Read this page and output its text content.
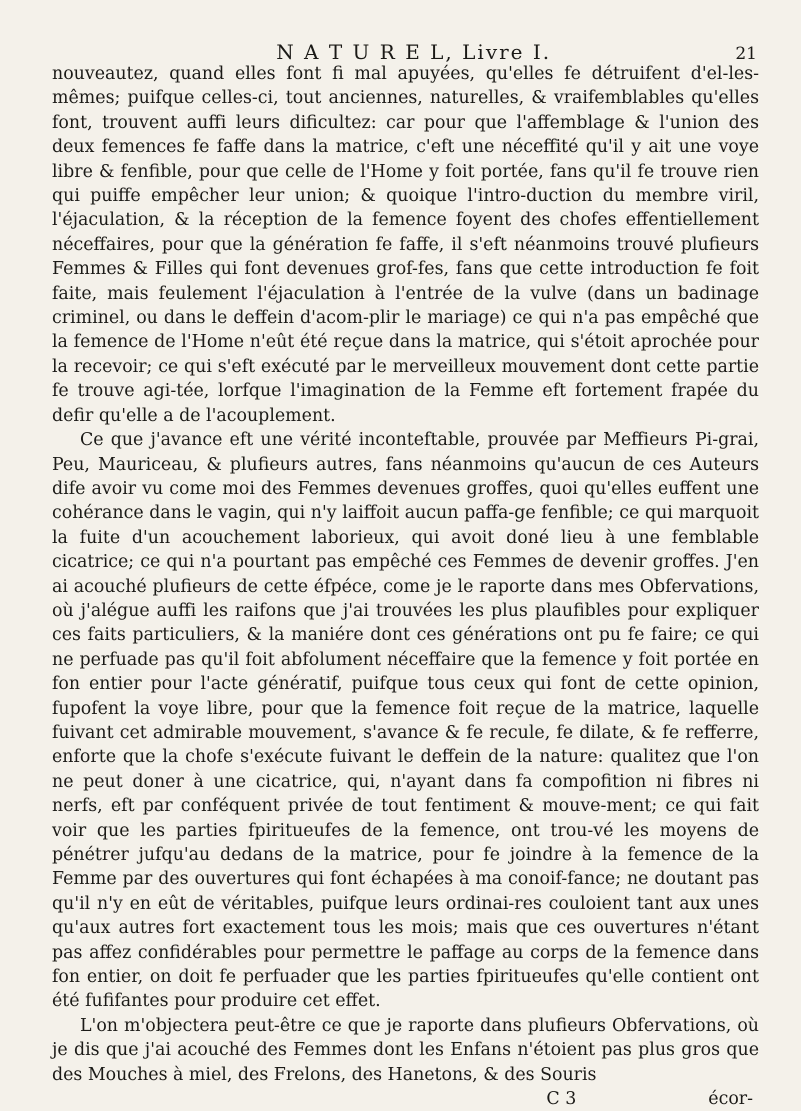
N A T U R E L, Livre I.	21

nouveautez, quand elles font fi mal apuyées, qu'elles fe détruifent d'el-les-mêmes; puifque celles-ci, tout anciennes, naturelles, & vraifemblables qu'elles font, trouvent auffi leurs dificultez: car pour que l'affemblage & l'union des deux femences fe faffe dans la matrice, c'eft une néceffité qu'il y ait une voye libre & fenfible, pour que celle de l'Home y foit portée, fans qu'il fe trouve rien qui puiffe empêcher leur union; & quoique l'intro-duction du membre viril, l'éjaculation, & la réception de la femence foyent des chofes effentiellement néceffaires, pour que la génération fe faffe, il s'eft néanmoins trouvé plufieurs Femmes & Filles qui font devenues grof-fes, fans que cette introduction fe foit faite, mais feulement l'éjaculation à l'entrée de la vulve (dans un badinage criminel, ou dans le deffein d'acom-plir le mariage) ce qui n'a pas empêché que la femence de l'Home n'eût été reçue dans la matrice, qui s'étoit aprochée pour la recevoir; ce qui s'eft exécuté par le merveilleux mouvement dont cette partie fe trouve agi-tée, lorfque l'imagination de la Femme eft fortement frapée du defir qu'elle a de l'acouplement.

Ce que j'avance eft une vérité inconteftable, prouvée par Meffieurs Pi-grai, Peu, Mauriceau, & plufieurs autres, fans néanmoins qu'aucun de ces Auteurs dife avoir vu come moi des Femmes devenues groffes, quoi qu'elles euffent une cohérance dans le vagin, qui n'y laiffoit aucun paffa-ge fenfible; ce qui marquoit la fuite d'un acouchement laborieux, qui avoit doné lieu à une femblable cicatrice; ce qui n'a pourtant pas empêché ces Femmes de devenir groffes. J'en ai acouché plufieurs de cette éfpéce, come je le raporte dans mes Obfervations, où j'alégue auffi les raifons que j'ai trouvées les plus plaufibles pour expliquer ces faits particuliers, & la maniére dont ces générations ont pu fe faire; ce qui ne perfuade pas qu'il foit abfolument néceffaire que la femence y foit portée en fon entier pour l'acte génératif, puifque tous ceux qui font de cette opinion, fupofent la voye libre, pour que la femence foit reçue de la matrice, laquelle fuivant cet admirable mouvement, s'avance & fe recule, fe dilate, & fe refferre, enforte que la chofe s'exécute fuivant le deffein de la nature: qualitez que l'on ne peut doner à une cicatrice, qui, n'ayant dans fa compofition ni fibres ni nerfs, eft par conféquent privée de tout fentiment & mouve-ment; ce qui fait voir que les parties fpiritueufes de la femence, ont trou-vé les moyens de pénétrer jufqu'au dedans de la matrice, pour fe joindre à la femence de la Femme par des ouvertures qui font échapées à ma conoif-fance; ne doutant pas qu'il n'y en eût de véritables, puifque leurs ordinai-res couloient tant aux unes qu'aux autres fort exactement tous les mois; mais que ces ouvertures n'étant pas affez confidérables pour permettre le paffage au corps de la femence dans fon entier, on doit fe perfuader que les parties fpiritueufes qu'elle contient ont été fufifantes pour produire cet effet.

L'on m'objectera peut-être ce que je raporte dans plufieurs Obfervations, où je dis que j'ai acouché des Femmes dont les Enfans n'étoient pas plus gros que des Mouches à miel, des Frelons, des Hanetons, & des Souris

C 3	écor-
